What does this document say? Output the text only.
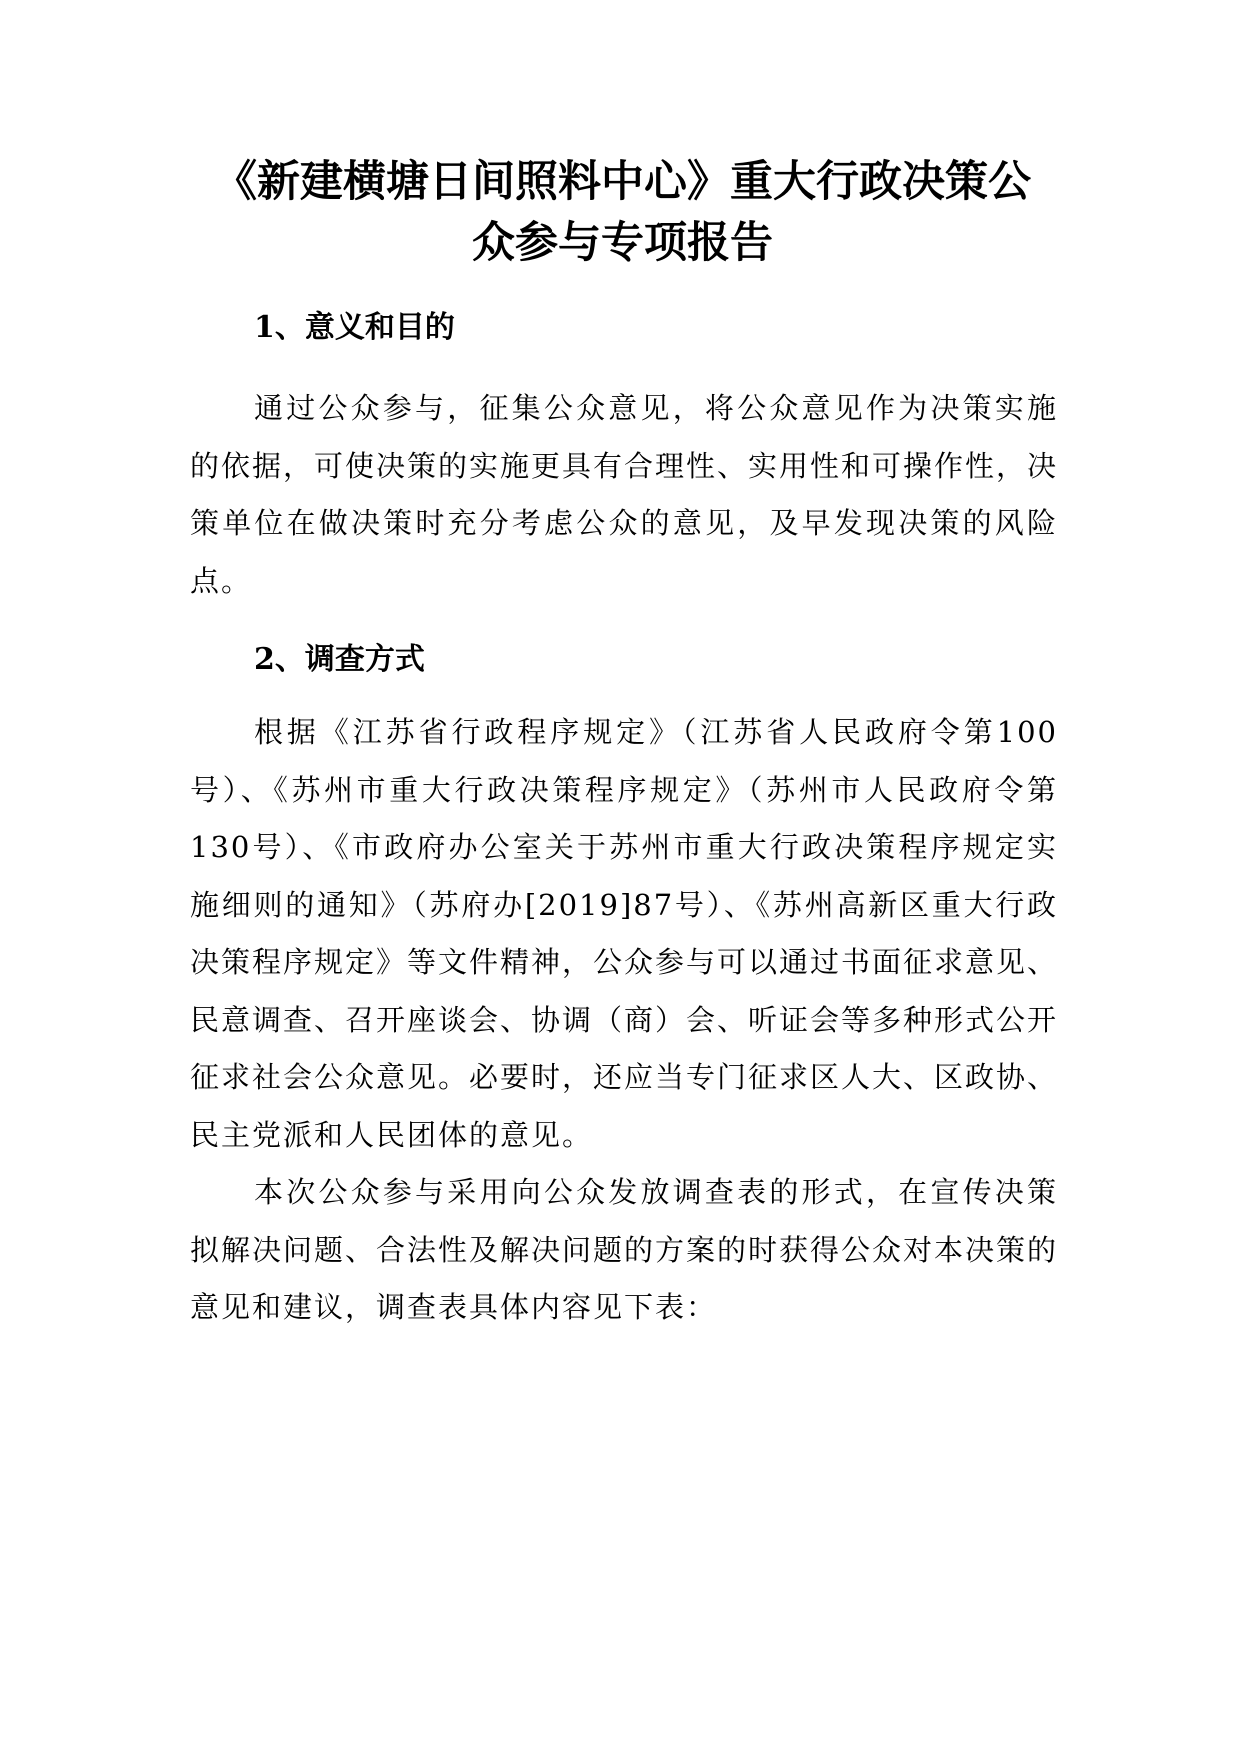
《新建横塘日间照料中心》重大行政决策公
众参与专项报告

1、意义和目的

通过公众参与，征集公众意见，将公众意见作为决策实施的依据，可使决策的实施更具有合理性、实用性和可操作性，决策单位在做决策时充分考虑公众的意见，及早发现决策的风险点。

2、调查方式

根据《江苏省行政程序规定》（江苏省人民政府令第100号）、《苏州市重大行政决策程序规定》（苏州市人民政府令第130号）、《市政府办公室关于苏州市重大行政决策程序规定实施细则的通知》（苏府办[2019]87号）、《苏州高新区重大行政决策程序规定》等文件精神，公众参与可以通过书面征求意见、民意调查、召开座谈会、协调（商）会、听证会等多种形式公开征求社会公众意见。必要时，还应当专门征求区人大、区政协、民主党派和人民团体的意见。

本次公众参与采用向公众发放调查表的形式，在宣传决策拟解决问题、合法性及解决问题的方案的时获得公众对本决策的意见和建议，调查表具体内容见下表：
